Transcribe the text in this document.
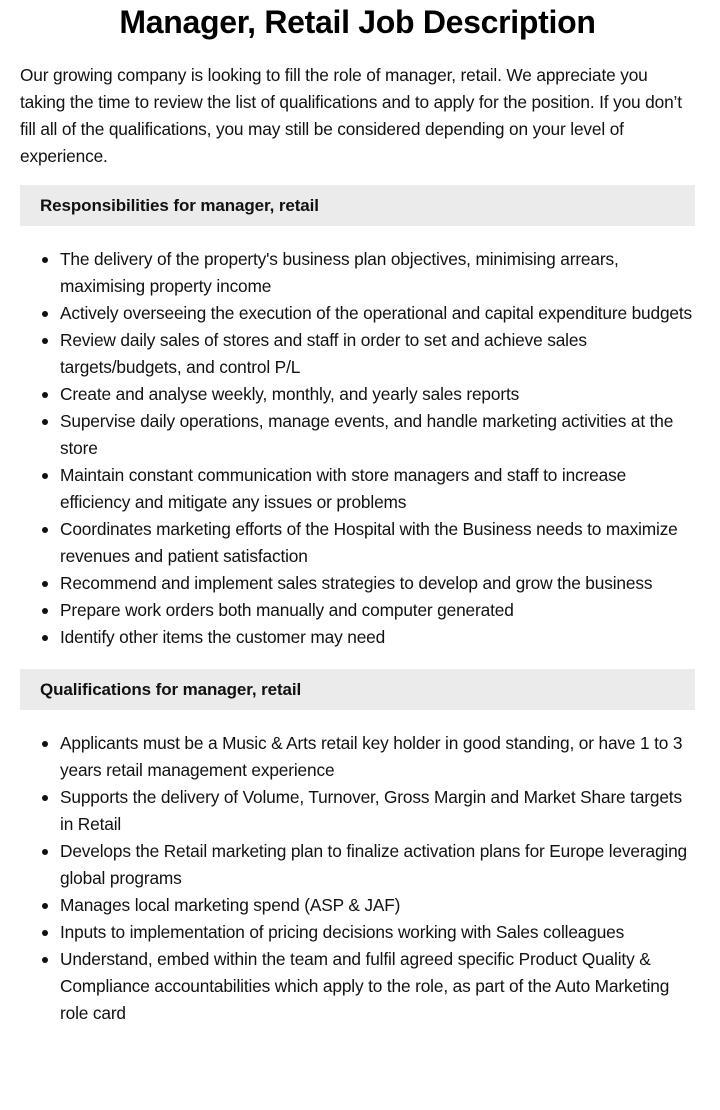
Manager, Retail Job Description

Our growing company is looking to fill the role of manager, retail. We appreciate you taking the time to review the list of qualifications and to apply for the position. If you don’t fill all of the qualifications, you may still be considered depending on your level of experience.

Responsibilities for manager, retail
The delivery of the property's business plan objectives, minimising arrears, maximising property income
Actively overseeing the execution of the operational and capital expenditure budgets
Review daily sales of stores and staff in order to set and achieve sales targets/budgets, and control P/L
Create and analyse weekly, monthly, and yearly sales reports
Supervise daily operations, manage events, and handle marketing activities at the store
Maintain constant communication with store managers and staff to increase efficiency and mitigate any issues or problems
Coordinates marketing efforts of the Hospital with the Business needs to maximize revenues and patient satisfaction
Recommend and implement sales strategies to develop and grow the business
Prepare work orders both manually and computer generated
Identify other items the customer may need
Qualifications for manager, retail
Applicants must be a Music & Arts retail key holder in good standing, or have 1 to 3 years retail management experience
Supports the delivery of Volume, Turnover, Gross Margin and Market Share targets in Retail
Develops the Retail marketing plan to finalize activation plans for Europe leveraging global programs
Manages local marketing spend (ASP & JAF)
Inputs to implementation of pricing decisions working with Sales colleagues
Understand, embed within the team and fulfil agreed specific Product Quality & Compliance accountabilities which apply to the role, as part of the Auto Marketing role card
